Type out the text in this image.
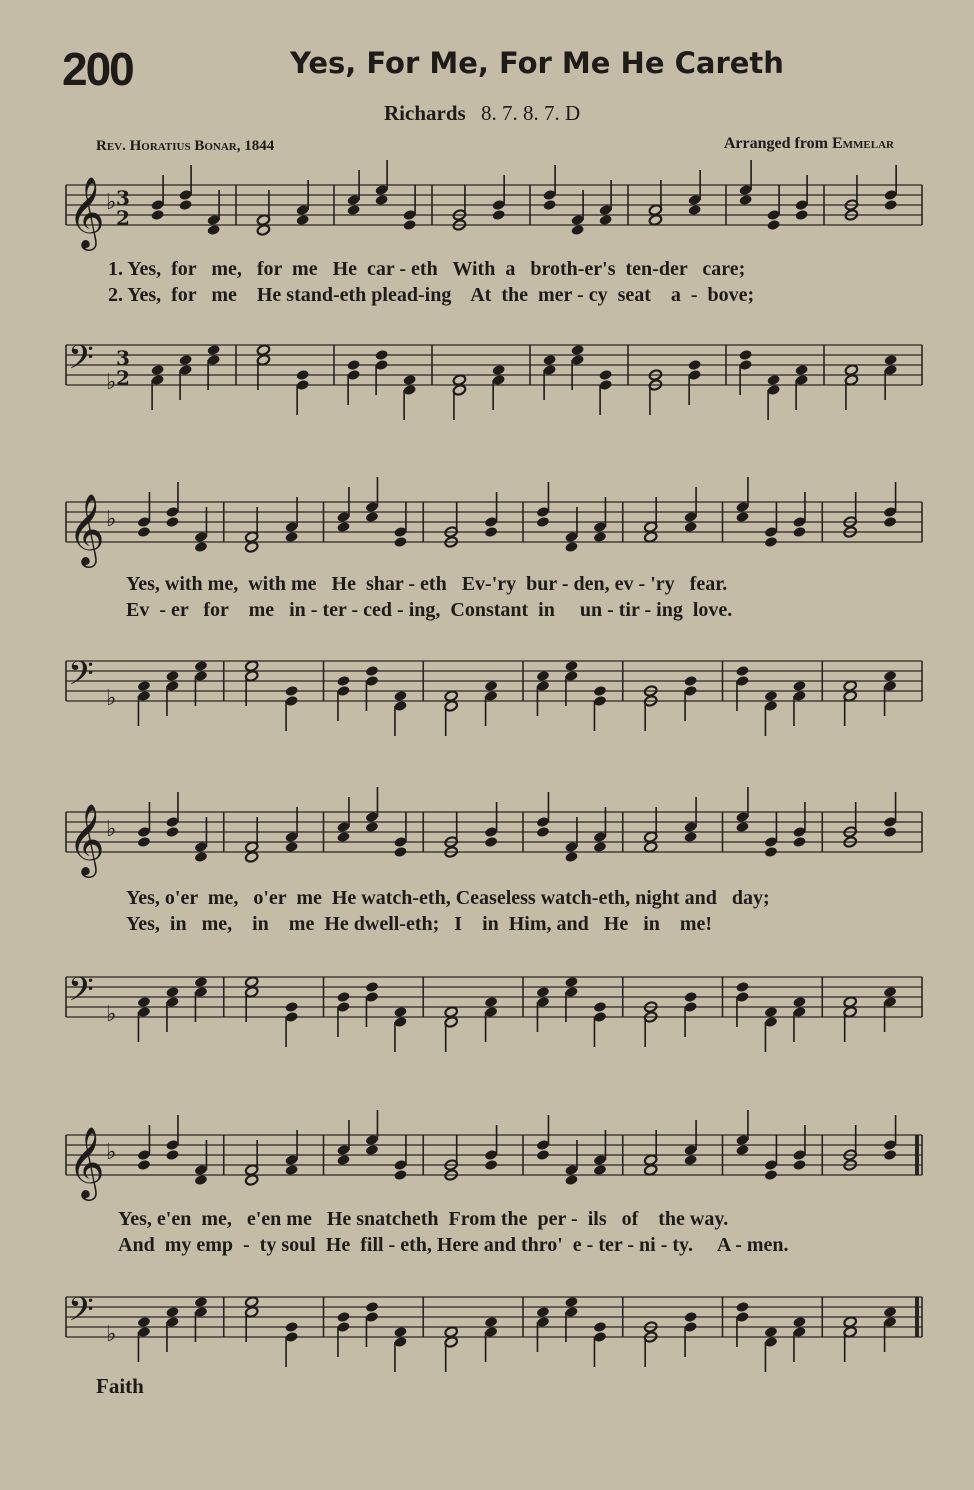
200	Yes, For Me, For Me He Careth
Richards 8. 7. 8. 7. D
Rev. Horatius Bonar, 1844	Arranged from Emmelar
𝄞 ♭ 3
2
1. Yes,  for   me,   for  me   He  car - eth   With  a   broth-er's  ten-der   care;
2. Yes,  for   me    He stand-eth plead-ing    At  the  mer - cy  seat    a  -  bove;
𝄢 ♭
3
2
𝄞 ♭
Yes, with me,  with me   He  shar - eth   Ev-'ry  bur - den, ev - 'ry   fear.
Ev  - er   for    me   in - ter - ced - ing,  Constant  in     un - tir - ing  love.
𝄢 ♭
𝄞 ♭
Yes, o'er  me,   o'er  me  He watch-eth, Ceaseless watch-eth, night and   day;
Yes,  in   me,    in    me  He dwell-eth;   I    in  Him, and   He   in    me!
𝄢 ♭
𝄞 ♭
Yes, e'en  me,   e'en me   He snatcheth  From the  per -  ils   of    the way.
And  my emp  -  ty soul  He  fill - eth, Here and thro'  e - ter - ni - ty.     A - men.
𝄢 ♭
Faith
